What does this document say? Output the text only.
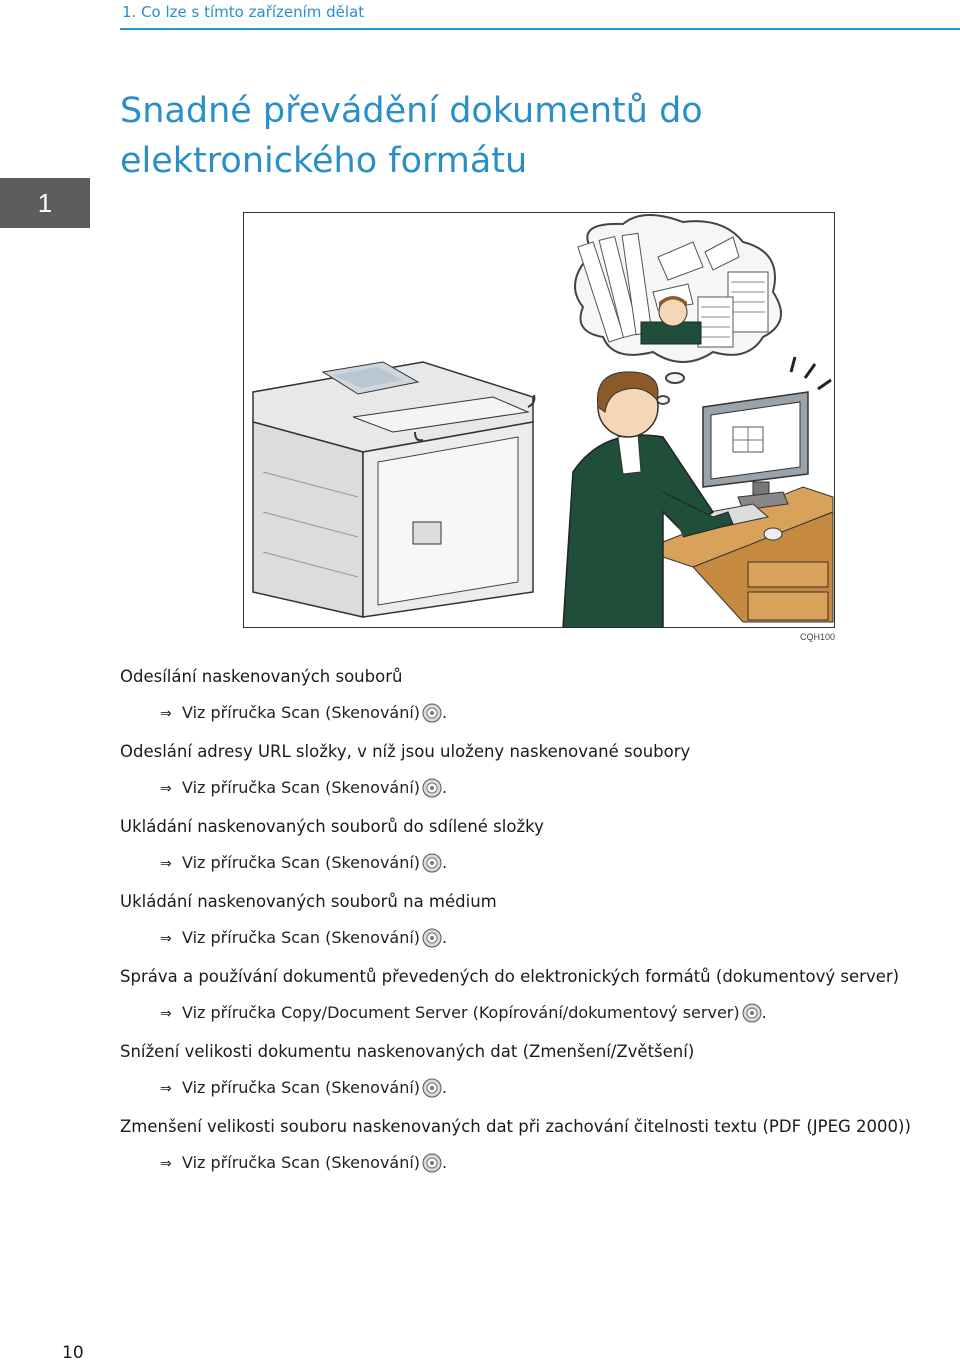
1. Co lze s tímto zařízením dělat
1
Snadné převádění dokumentů do
elektronického formátu
CQH100

Odesílání naskenovaných souborů

⇒ Viz příručka Scan (Skenování) .

Odeslání adresy URL složky, v níž jsou uloženy naskenované soubory

⇒ Viz příručka Scan (Skenování) .

Ukládání naskenovaných souborů do sdílené složky

⇒ Viz příručka Scan (Skenování) .

Ukládání naskenovaných souborů na médium

⇒ Viz příručka Scan (Skenování) .

Správa a používání dokumentů převedených do elektronických formátů (dokumentový server)

⇒ Viz příručka Copy/Document Server (Kopírování/dokumentový server) .

Snížení velikosti dokumentu naskenovaných dat (Zmenšení/Zvětšení)

⇒ Viz příručka Scan (Skenování) .

Zmenšení velikosti souboru naskenovaných dat při zachování čitelnosti textu (PDF (JPEG 2000))

⇒ Viz příručka Scan (Skenování) .

10
